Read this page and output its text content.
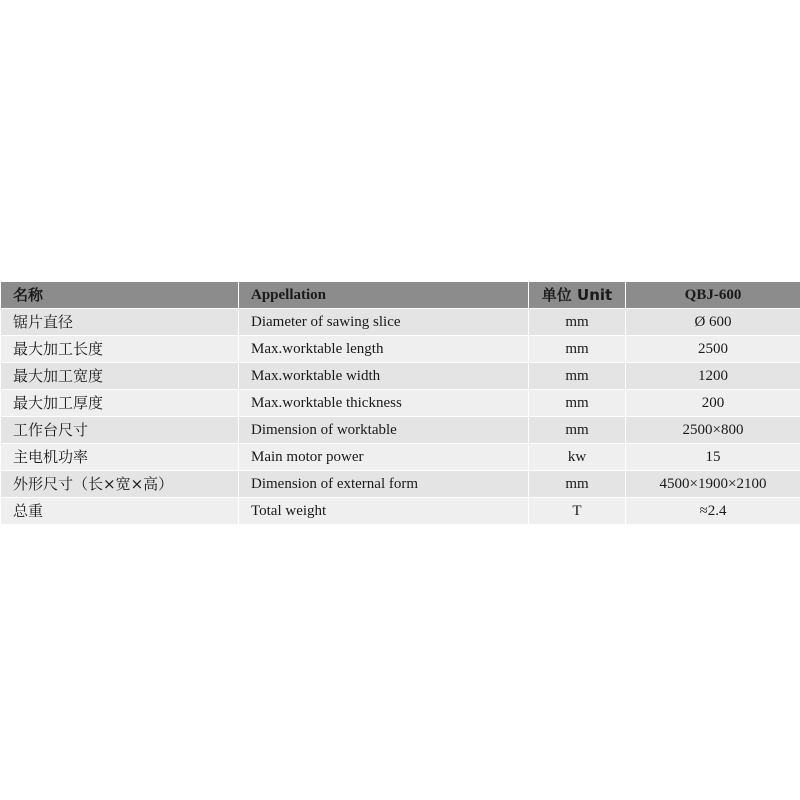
名称	Appellation	单位 Unit	QBJ-600
锯片直径	Diameter of sawing slice	mm	Ø 600
最大加工长度	Max.worktable length	mm	2500
最大加工宽度	Max.worktable width	mm	1200
最大加工厚度	Max.worktable thickness	mm	200
工作台尺寸	Dimension of worktable	mm	2500×800
主电机功率	Main motor power	kw	15
外形尺寸（长×宽×高）	Dimension of external form	mm	4500×1900×2100
总重	Total weight	T	≈2.4
